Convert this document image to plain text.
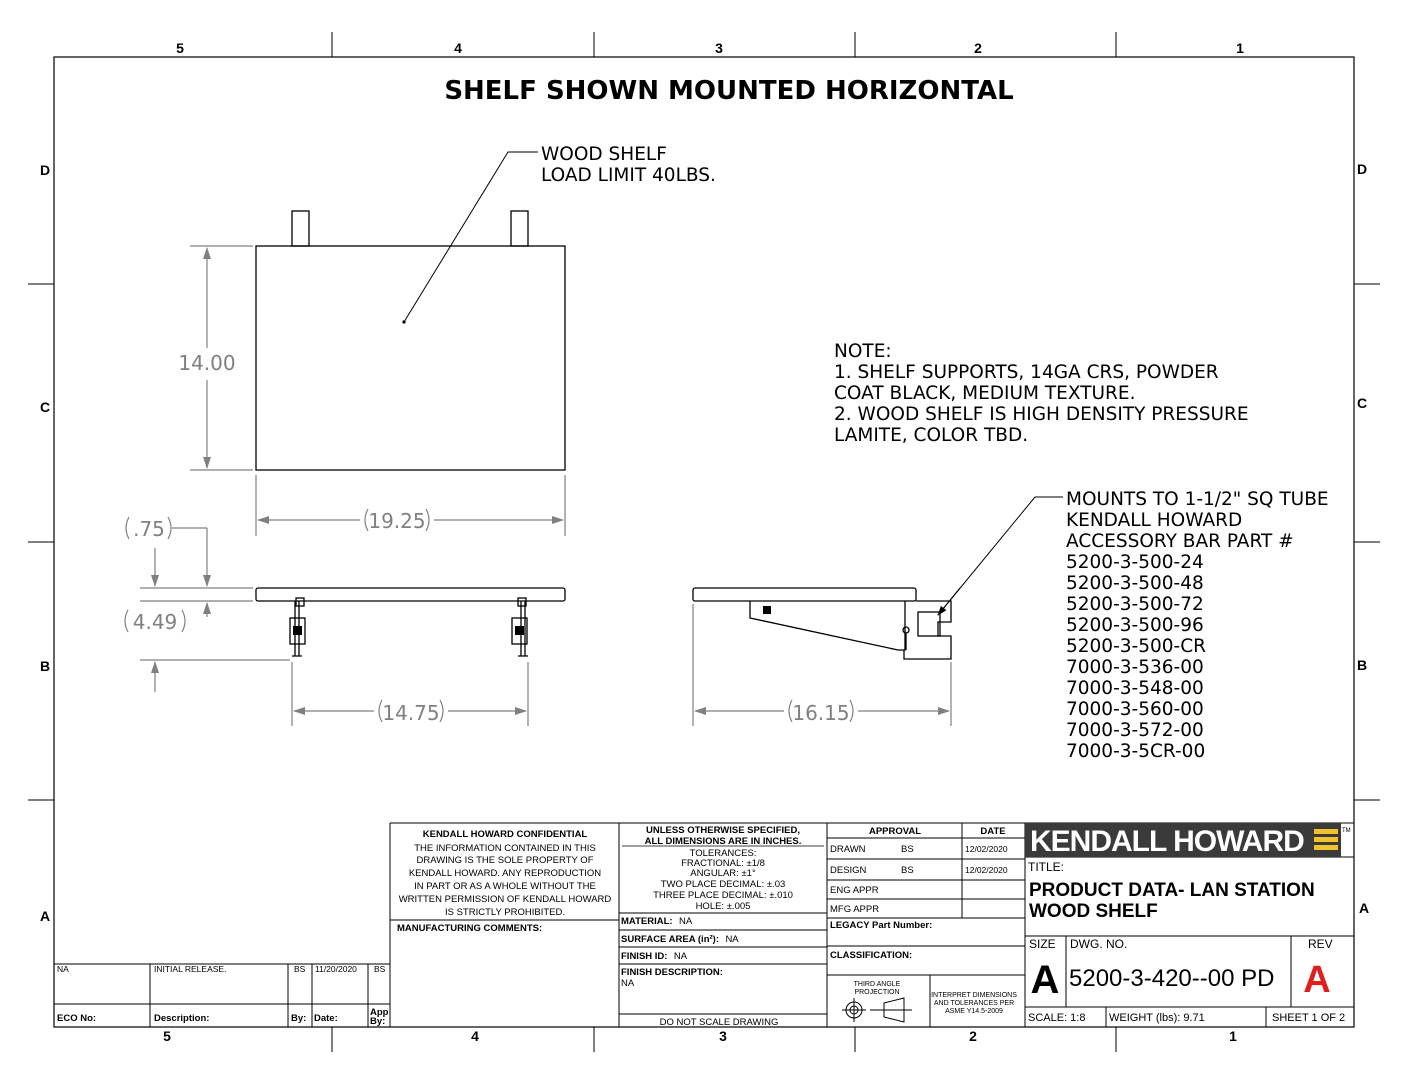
5	4	3	2	1
5	4	3	2	1
D
C
B
A
D
C
B
A
SHELF SHOWN MOUNTED HORIZONTAL
WOOD SHELF
LOAD LIMIT 40LBS.
14.00
19.25
.75
4.49
14.75	16.15
NOTE:
1. SHELF SUPPORTS, 14GA CRS, POWDER
COAT BLACK, MEDIUM TEXTURE.
2. WOOD SHELF IS HIGH DENSITY PRESSURE
LAMITE, COLOR TBD.
MOUNTS TO 1-1/2" SQ TUBE
KENDALL HOWARD
ACCESSORY BAR PART #
5200-3-500-24
5200-3-500-48
5200-3-500-72
5200-3-500-96
5200-3-500-CR
7000-3-536-00
7000-3-548-00
7000-3-560-00
7000-3-572-00
7000-3-5CR-00
KENDALL HOWARD CONFIDENTIAL
THE INFORMATION CONTAINED IN THIS
DRAWING IS THE SOLE PROPERTY OF
KENDALL HOWARD. ANY REPRODUCTION
IN PART OR AS A WHOLE WITHOUT THE
WRITTEN PERMISSION OF KENDALL HOWARD
IS STRICTLY PROHIBITED.
MANUFACTURING COMMENTS:
UNLESS OTHERWISE SPECIFIED,
ALL DIMENSIONS ARE IN INCHES.
TOLERANCES:
FRACTIONAL: ±1/8
ANGULAR: ±1°
TWO PLACE DECIMAL: ±.03
THREE PLACE DECIMAL: ±.010
HOLE: ±.005
MATERIAL: NA
SURFACE AREA (in²): NA
FINISH ID: NA
FINISH DESCRIPTION:
NA
DO NOT SCALE DRAWING
APPROVAL	DATE
DRAWN	BS	12/02/2020
DESIGN	BS	12/02/2020
ENG APPR
MFG APPR
LEGACY Part Number:
CLASSIFICATION:
THIRD ANGLE
PROJECTION	INTERPRET DIMENSIONS
AND TOLERANCES PER
ASME Y14.5-2009
KENDALL HOWARD	TM
TITLE:
PRODUCT DATA- LAN STATION
WOOD SHELF
SIZE
A
DWG. NO.
5200-3-420--00 PD
REV
A
SCALE: 1:8 WEIGHT (lbs): 9.71	SHEET 1 OF 2
NA	INITIAL RELEASE.	BS 11/20/2020 BS
ECO No:	Description:	By: Date:
App
By:
